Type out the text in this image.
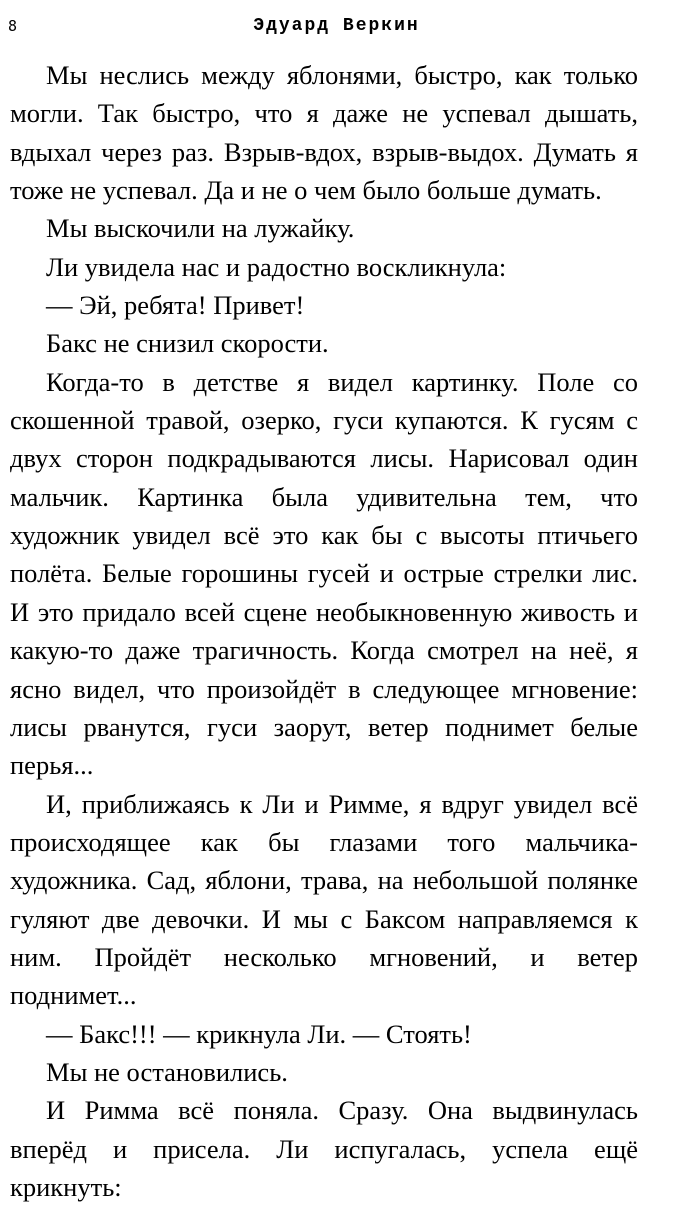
8	Эдуард Веркин

Мы неслись между яблонями, быстро, как только могли. Так быстро, что я даже не успевал дышать, вдыхал через раз. Взрыв-вдох, взрыв-выдох. Думать я тоже не успевал. Да и не о чем было больше думать.

Мы выскочили на лужайку.

Ли увидела нас и радостно воскликнула:

— Эй, ребята! Привет!

Бакс не снизил скорости.

Когда-то в детстве я видел картинку. Поле со скошенной травой, озерко, гуси купаются. К гусям с двух сторон подкрадываются лисы. Нарисовал один мальчик. Картинка была удивительна тем, что художник увидел всё это как бы с высоты птичьего полёта. Белые горошины гусей и острые стрелки лис. И это придало всей сцене необыкновенную живость и какую-то даже трагичность. Когда смотрел на неё, я ясно видел, что произойдёт в следующее мгновение: лисы рванутся, гуси заорут, ветер поднимет белые перья...

И, приближаясь к Ли и Римме, я вдруг увидел всё происходящее как бы глазами того мальчика-художника. Сад, яблони, трава, на небольшой полянке гуляют две девочки. И мы с Баксом направляемся к ним. Пройдёт несколько мгновений, и ветер поднимет...

— Бакс!!! — крикнула Ли. — Стоять!

Мы не остановились.

И Римма всё поняла. Сразу. Она выдвинулась вперёд и присела. Ли испугалась, успела ещё крикнуть:
